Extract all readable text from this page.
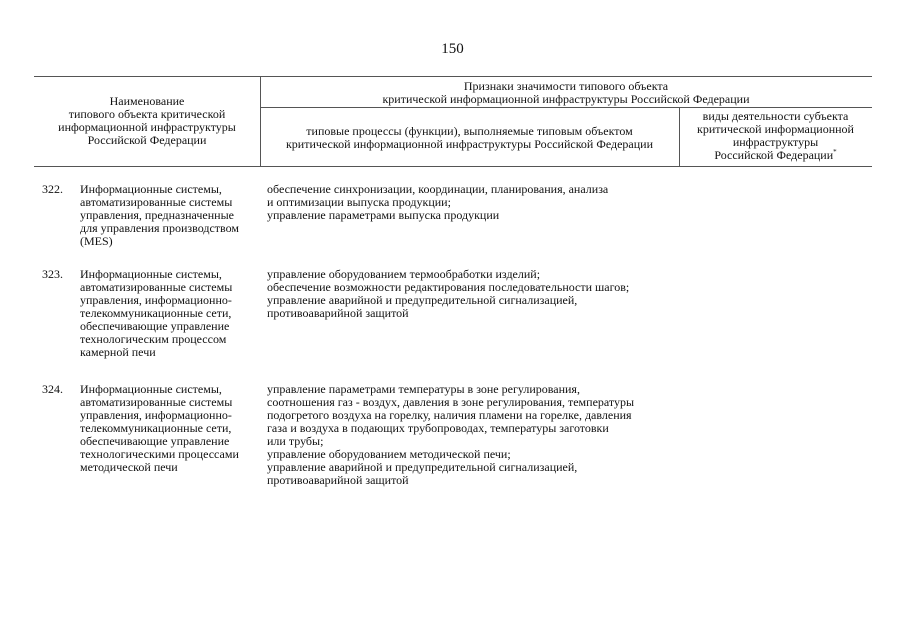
150
Наименование
типового объекта критической
информационной инфраструктуры
Российской Федерации
Признаки значимости типового объекта
критической информационной инфраструктуры Российской Федерации
типовые процессы (функции), выполняемые типовым объектом
критической информационной инфраструктуры Российской Федерации
виды деятельности субъекта
критической информационной
инфраструктуры
Российской Федерации*
322. Информационные системы,
автоматизированные системы
управления, предназначенные
для управления производством
(MES)
обеспечение синхронизации, координации, планирования, анализа
и оптимизации выпуска продукции;
управление параметрами выпуска продукции
323. Информационные системы,
автоматизированные системы
управления, информационно-
телекоммуникационные сети,
обеспечивающие управление
технологическим процессом
камерной печи
управление оборудованием термообработки изделий;
обеспечение возможности редактирования последовательности шагов;
управление аварийной и предупредительной сигнализацией,
противоаварийной защитой
324. Информационные системы,
автоматизированные системы
управления, информационно-
телекоммуникационные сети,
обеспечивающие управление
технологическими процессами
методической печи
управление параметрами температуры в зоне регулирования,
соотношения газ - воздух, давления в зоне регулирования, температуры
подогретого воздуха на горелку, наличия пламени на горелке, давления
газа и воздуха в подающих трубопроводах, температуры заготовки
или трубы;
управление оборудованием методической печи;
управление аварийной и предупредительной сигнализацией,
противоаварийной защитой
